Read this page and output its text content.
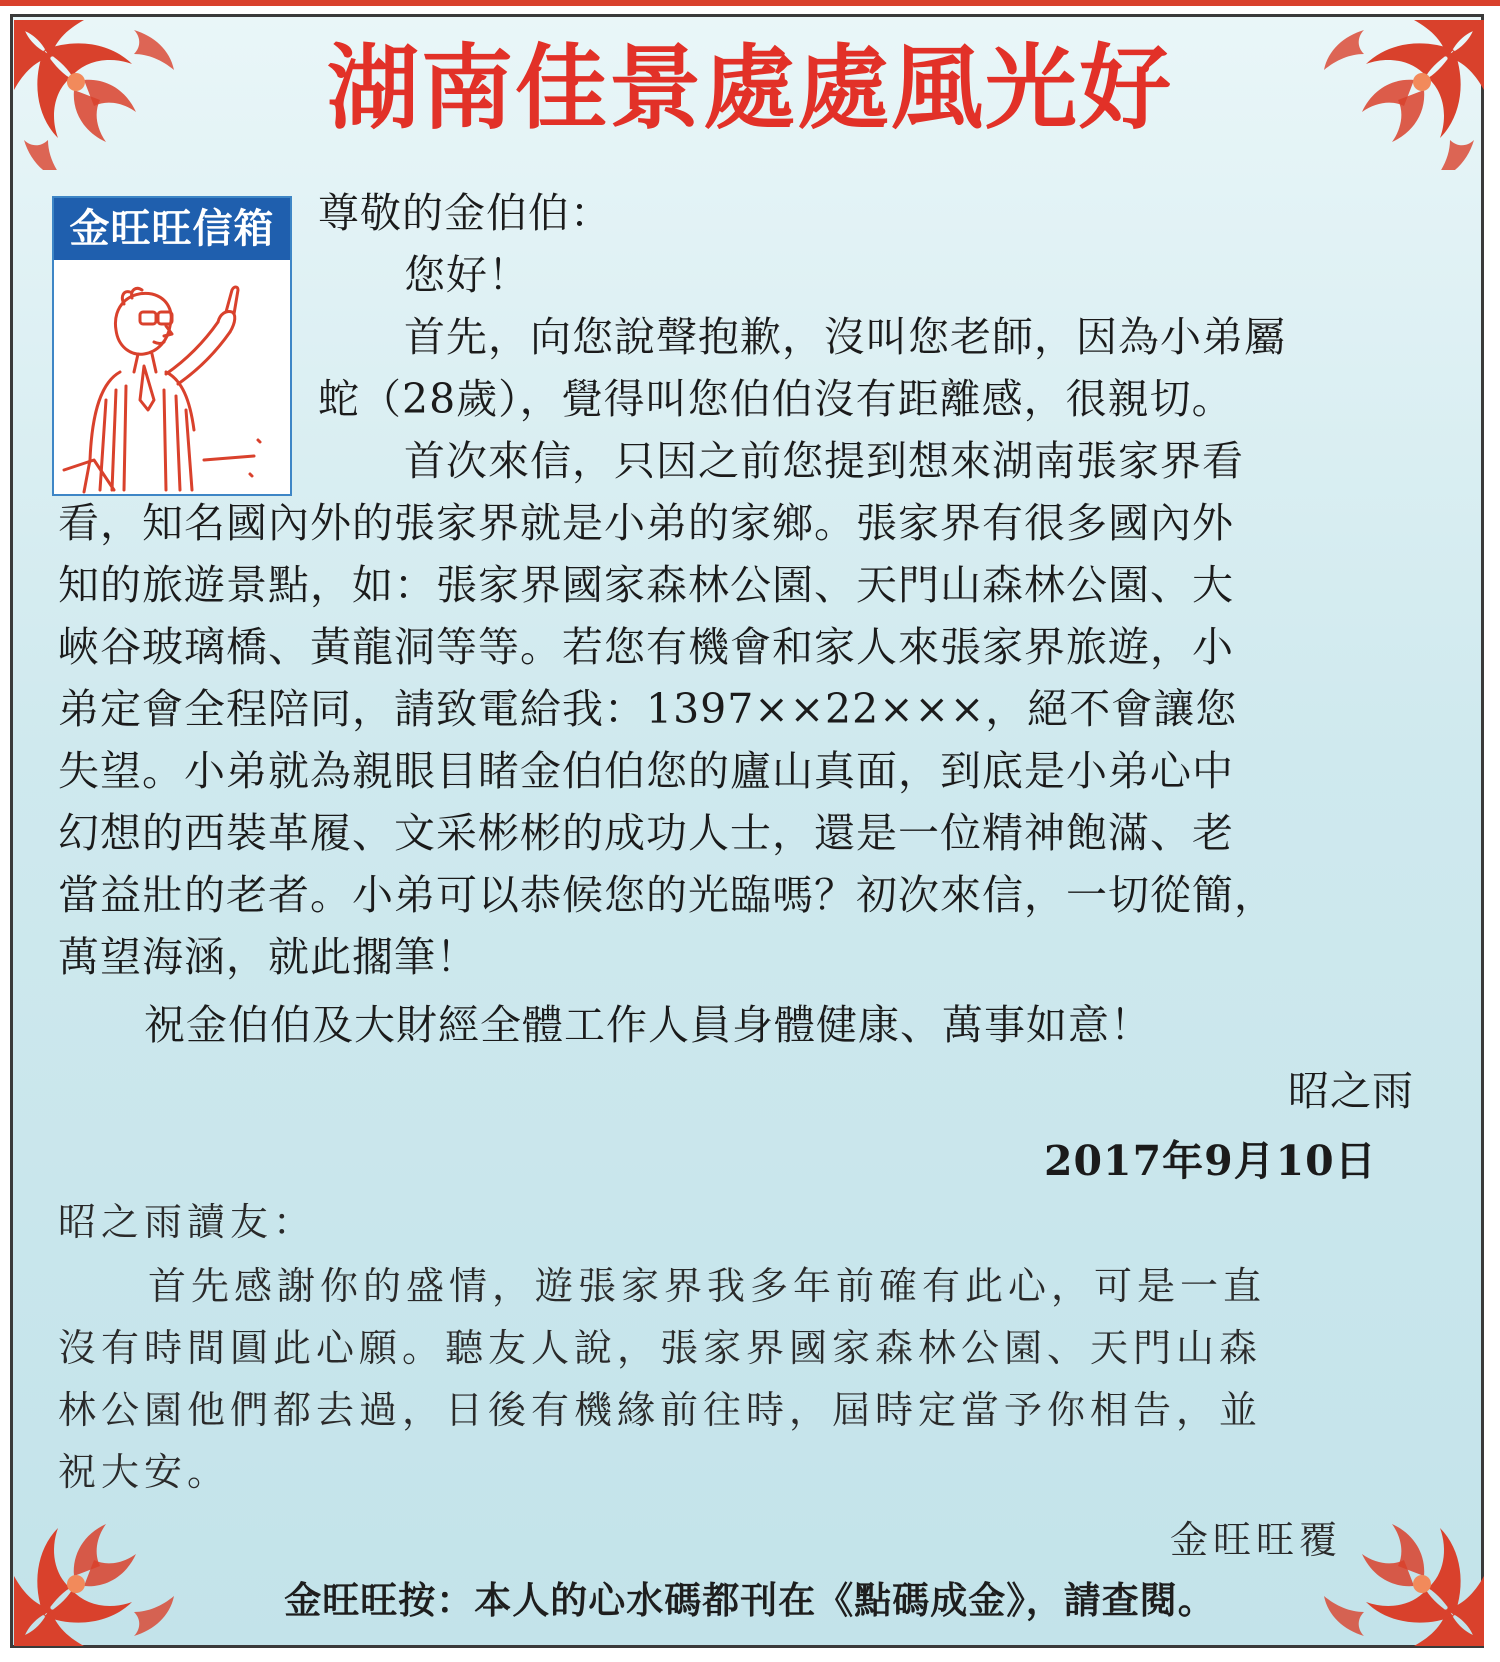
湖南佳景處處風光好
金旺旺信箱	尊敬的金伯伯：
您好！
首先，向您說聲抱歉，沒叫您老師，因為小弟屬
蛇（28歲），覺得叫您伯伯沒有距離感，很親切。
首次來信，只因之前您提到想來湖南張家界看
看，知名國內外的張家界就是小弟的家鄉。張家界有很多國內外
知的旅遊景點，如：張家界國家森林公園、天門山森林公園、大
峽谷玻璃橋、黃龍洞等等。若您有機會和家人來張家界旅遊，小
弟定會全程陪同，請致電給我：1397××22×××，絕不會讓您
失望。小弟就為親眼目睹金伯伯您的廬山真面，到底是小弟心中
幻想的西裝革履、文采彬彬的成功人士，還是一位精神飽滿、老
當益壯的老者。小弟可以恭候您的光臨嗎？初次來信，一切從簡，
萬望海涵，就此擱筆！
祝金伯伯及大財經全體工作人員身體健康、萬事如意！
昭之雨
2017年9月10日
昭之雨讀友：
首先感謝你的盛情，遊張家界我多年前確有此心，可是一直
沒有時間圓此心願。聽友人說，張家界國家森林公園、天門山森
林公園他們都去過，日後有機緣前往時，屆時定當予你相告，並
祝大安。
金旺旺覆
金旺旺按：本人的心水碼都刊在《點碼成金》，請查閱。
